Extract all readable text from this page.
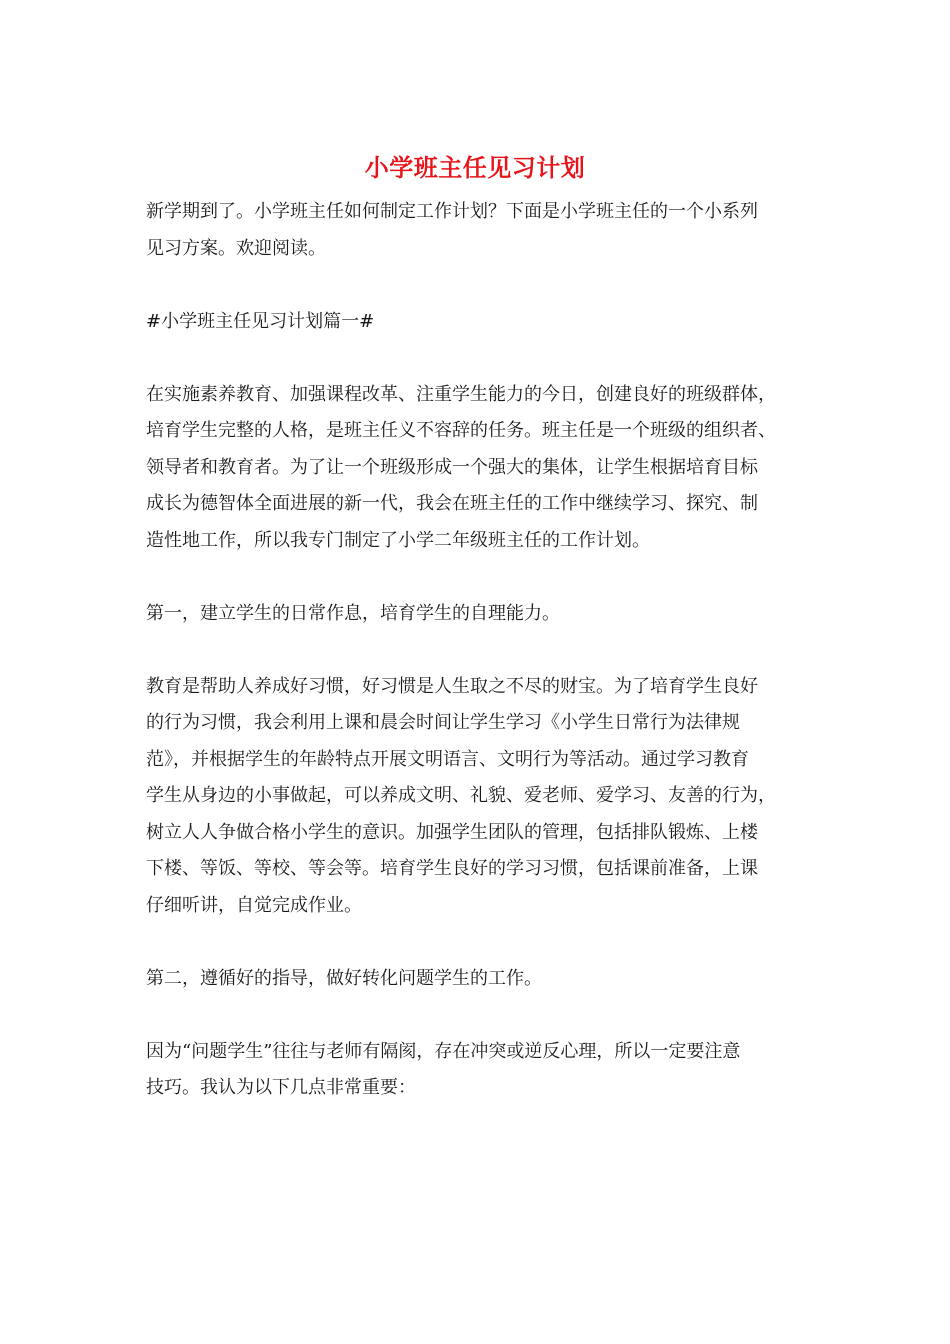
小学班主任见习计划

新学期到了。小学班主任如何制定工作计划？下面是小学班主任的一个小系列
见习方案。欢迎阅读。

#小学班主任见习计划篇一#

在实施素养教育、加强课程改革、注重学生能力的今日，创建良好的班级群体，
培育学生完整的人格，是班主任义不容辞的任务。班主任是一个班级的组织者、
领导者和教育者。为了让一个班级形成一个强大的集体，让学生根据培育目标
成长为德智体全面进展的新一代，我会在班主任的工作中继续学习、探究、制
造性地工作，所以我专门制定了小学二年级班主任的工作计划。

第一，建立学生的日常作息，培育学生的自理能力。

教育是帮助人养成好习惯，好习惯是人生取之不尽的财宝。为了培育学生良好
的行为习惯，我会利用上课和晨会时间让学生学习《小学生日常行为法律规
范》，并根据学生的年龄特点开展文明语言、文明行为等活动。通过学习教育
学生从身边的小事做起，可以养成文明、礼貌、爱老师、爱学习、友善的行为，
树立人人争做合格小学生的意识。加强学生团队的管理，包括排队锻炼、上楼
下楼、等饭、等校、等会等。培育学生良好的学习习惯，包括课前准备，上课
仔细听讲，自觉完成作业。

第二，遵循好的指导，做好转化问题学生的工作。

因为“问题学生”往往与老师有隔阂，存在冲突或逆反心理，所以一定要注意
技巧。我认为以下几点非常重要：
